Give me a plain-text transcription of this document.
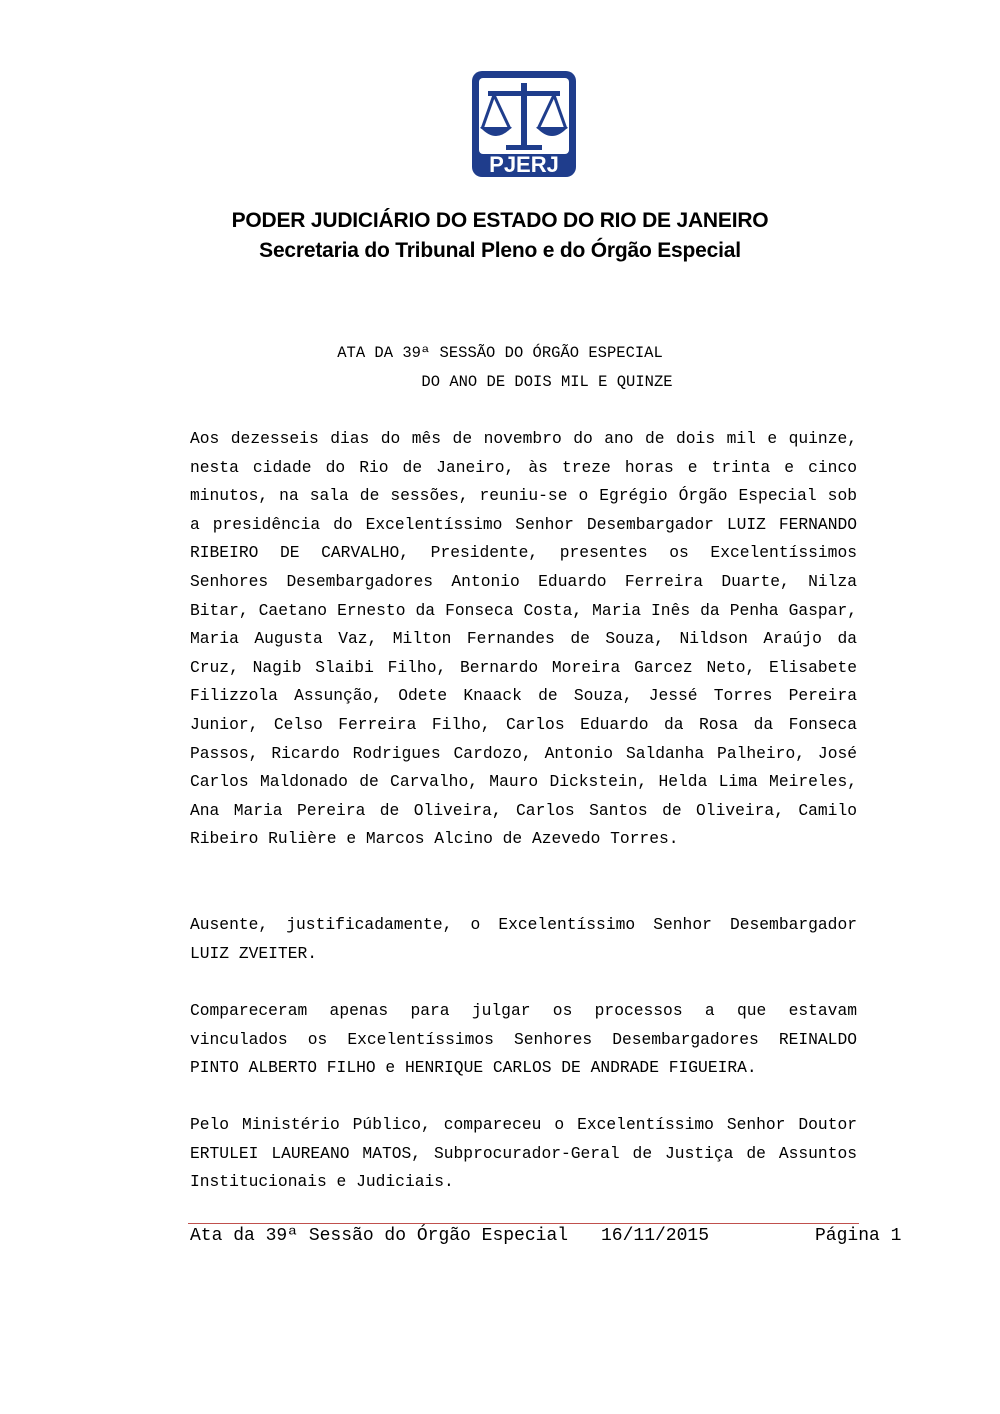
PJERJ
PODER JUDICIÁRIO DO ESTADO DO RIO DE JANEIRO
Secretaria do Tribunal Pleno e do Órgão Especial
ATA DA 39ª SESSÃO DO ÓRGÃO ESPECIAL
DO ANO DE DOIS MIL E QUINZE
Aos dezesseis dias do mês de novembro do ano de dois mil e quinze, nesta cidade do Rio de Janeiro, às treze horas e trinta e cinco minutos, na sala de sessões, reuniu-se o Egrégio Órgão Especial sob a presidência do Excelentíssimo Senhor Desembargador LUIZ FERNANDO RIBEIRO DE CARVALHO, Presidente, presentes os Excelentíssimos Senhores Desembargadores Antonio Eduardo Ferreira Duarte, Nilza Bitar, Caetano Ernesto da Fonseca Costa, Maria Inês da Penha Gaspar, Maria Augusta Vaz, Milton Fernandes de Souza, Nildson Araújo da Cruz, Nagib Slaibi Filho, Bernardo Moreira Garcez Neto, Elisabete Filizzola Assunção, Odete Knaack de Souza, Jessé Torres Pereira Junior, Celso Ferreira Filho, Carlos Eduardo da Rosa da Fonseca Passos, Ricardo Rodrigues Cardozo, Antonio Saldanha Palheiro, José Carlos Maldonado de Carvalho, Mauro Dickstein, Helda Lima Meireles, Ana Maria Pereira de Oliveira, Carlos Santos de Oliveira, Camilo Ribeiro Rulière e Marcos Alcino de Azevedo Torres.
Ausente, justificadamente, o Excelentíssimo Senhor Desembargador LUIZ ZVEITER.
Compareceram apenas para julgar os processos a que estavam vinculados os Excelentíssimos Senhores Desembargadores REINALDO PINTO ALBERTO FILHO e HENRIQUE CARLOS DE ANDRADE FIGUEIRA.
Pelo Ministério Público, compareceu o Excelentíssimo Senhor Doutor ERTULEI LAUREANO MATOS, Subprocurador-Geral de Justiça de Assuntos Institucionais e Judiciais.
Ata da 39ª Sessão do Órgão Especial 16/11/2015	Página 1
